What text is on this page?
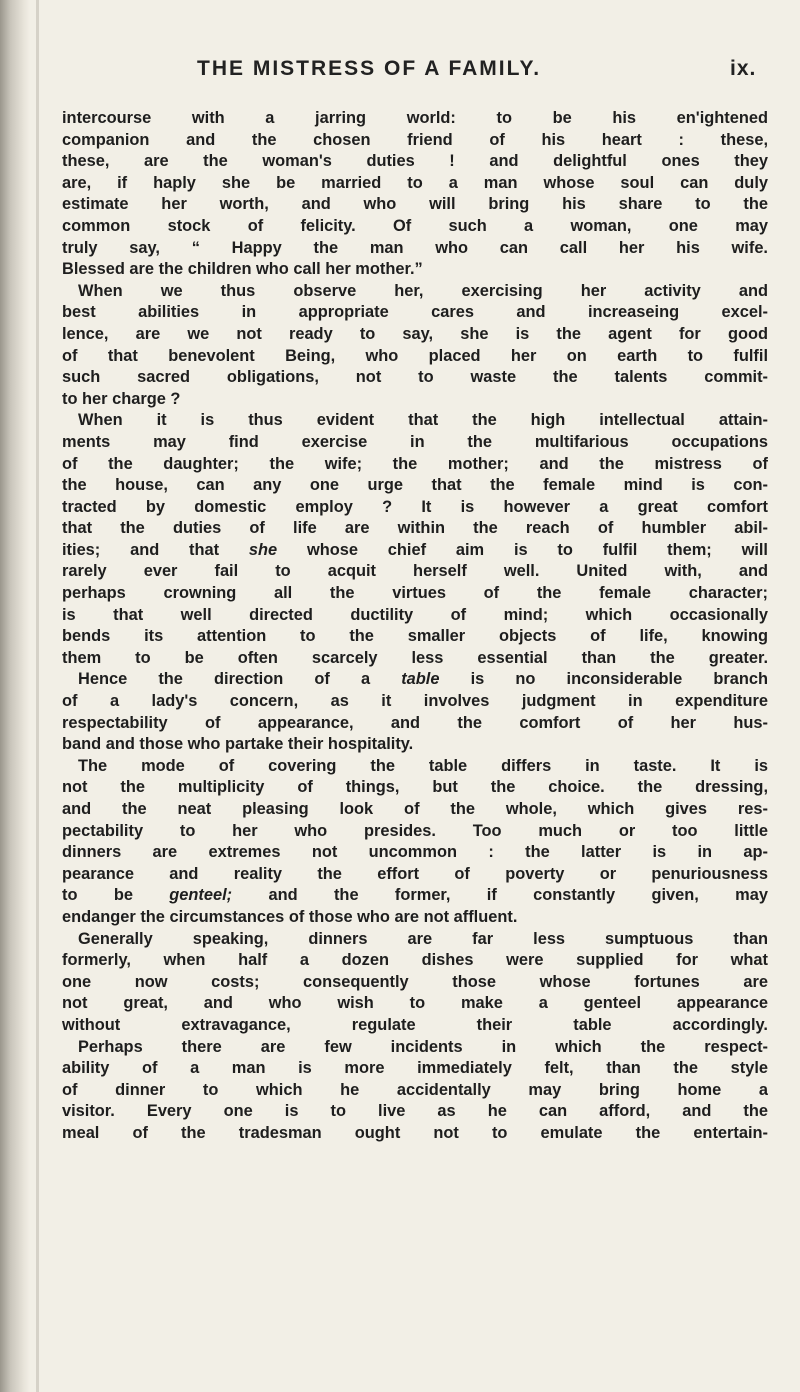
THE MISTRESS OF A FAMILY.	ix.
intercourse with a jarring world: to be his en'ightened
companion and the chosen friend of his heart : these,
these, are the woman's duties ! and delightful ones they
are, if haply she be married to a man whose soul can duly
estimate her worth, and who will bring his share to the
common stock of felicity. Of such a woman, one may
truly say, “ Happy the man who can call her his wife.
Blessed are the children who call her mother.”
When we thus observe her, exercising her activity and
best abilities in appropriate cares and increaseing excel-
lence, are we not ready to say, she is the agent for good
of that benevolent Being, who placed her on earth to fulfil
such sacred obligations, not to waste the talents commit-
to her charge ?
When it is thus evident that the high intellectual attain-
ments may find exercise in the multifarious occupations
of the daughter; the wife; the mother; and the mistress of
the house, can any one urge that the female mind is con-
tracted by domestic employ ? It is however a great comfort
that the duties of life are within the reach of humbler abil-
ities; and that she whose chief aim is to fulfil them; will
rarely ever fail to acquit herself well. United with, and
perhaps crowning all the virtues of the female character;
is that well directed ductility of mind; which occasionally
bends its attention to the smaller objects of life, knowing
them to be often scarcely less essential than the greater.
Hence the direction of a table is no inconsiderable branch
of a lady's concern, as it involves judgment in expenditure
respectability of appearance, and the comfort of her hus-
band and those who partake their hospitality.
The mode of covering the table differs in taste. It is
not the multiplicity of things, but the choice. the dressing,
and the neat pleasing look of the whole, which gives res-
pectability to her who presides. Too much or too little
dinners are extremes not uncommon : the latter is in ap-
pearance and reality the effort of poverty or penuriousness
to be genteel; and the former, if constantly given, may
endanger the circumstances of those who are not affluent.
Generally speaking, dinners are far less sumptuous than
formerly, when half a dozen dishes were supplied for what
one now costs; consequently those whose fortunes are
not great, and who wish to make a genteel appearance
without extravagance, regulate their table accordingly.
Perhaps there are few incidents in which the respect-
ability of a man is more immediately felt, than the style
of dinner to which he accidentally may bring home a
visitor. Every one is to live as he can afford, and the
meal of the tradesman ought not to emulate the entertain-
